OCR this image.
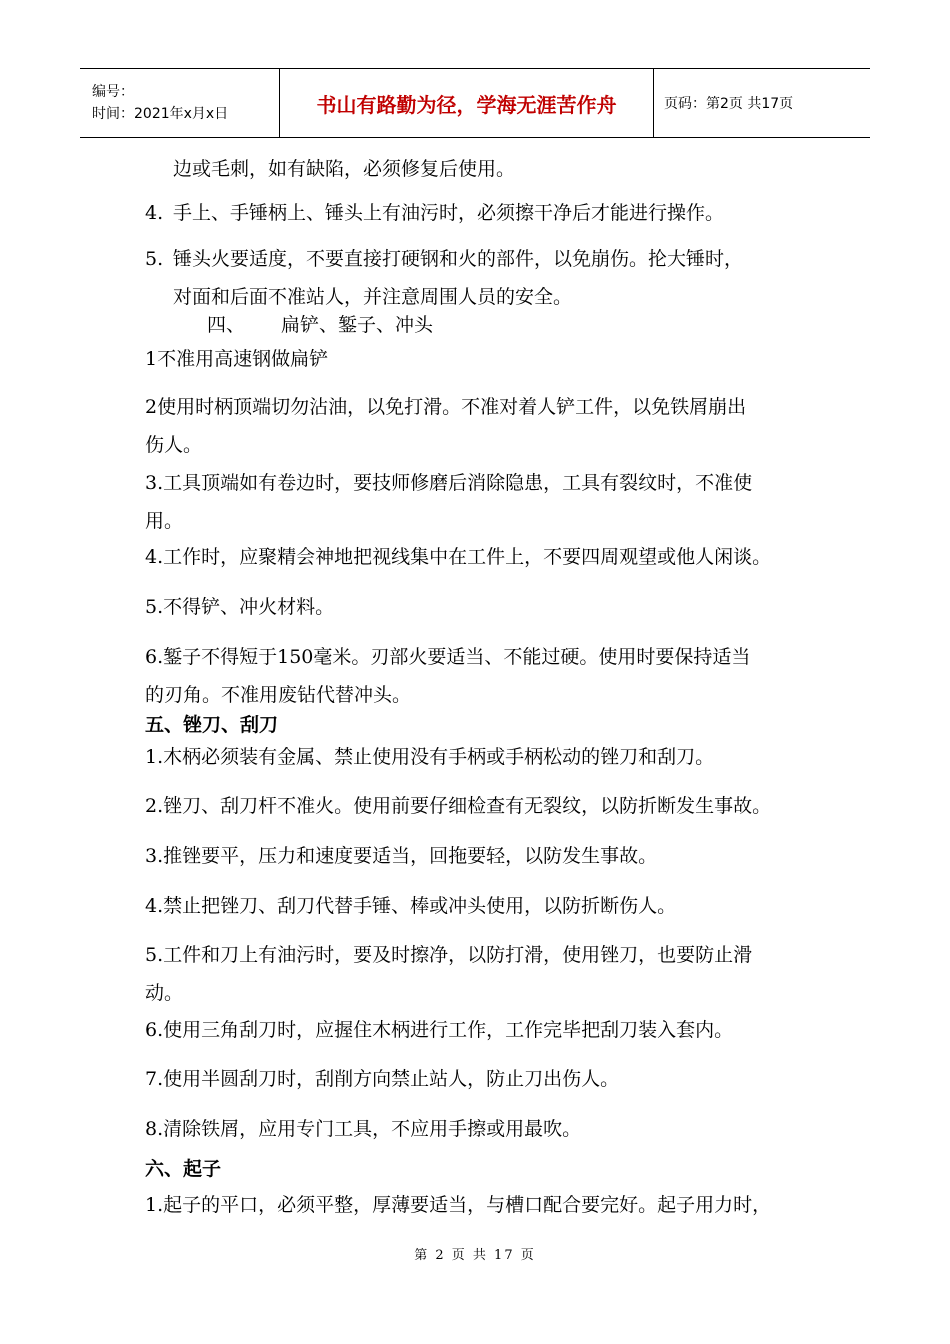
编号：
时间：2021年x月x日	书山有路勤为径，学海无涯苦作舟	页码：第2页 共17页
边或毛刺，如有缺陷，必须修复后使用。
4. 手上、手锤柄上、锤头上有油污时，必须擦干净后才能进行操作。
5. 锤头火要适度，不要直接打硬钢和火的部件，以免崩伤。抡大锤时，
对面和后面不准站人，并注意周围人员的安全。
四、 扁铲、錾子、冲头
1不准用高速钢做扁铲
2使用时柄顶端切勿沾油，以免打滑。不准对着人铲工件，以免铁屑崩出
伤人。
3.工具顶端如有卷边时，要技师修磨后消除隐患，工具有裂纹时，不准使
用。
4.工作时，应聚精会神地把视线集中在工件上，不要四周观望或他人闲谈。
5.不得铲、冲火材料。
6.錾子不得短于150毫米。刃部火要适当、不能过硬。使用时要保持适当
的刃角。不准用废钻代替冲头。
五、锉刀、刮刀
1.木柄必须装有金属、禁止使用没有手柄或手柄松动的锉刀和刮刀。
2.锉刀、刮刀杆不准火。使用前要仔细检查有无裂纹，以防折断发生事故。
3.推锉要平，压力和速度要适当，回拖要轻，以防发生事故。
4.禁止把锉刀、刮刀代替手锤、棒或冲头使用，以防折断伤人。
5.工件和刀上有油污时，要及时擦净，以防打滑，使用锉刀，也要防止滑
动。
6.使用三角刮刀时，应握住木柄进行工作，工作完毕把刮刀装入套内。
7.使用半圆刮刀时，刮削方向禁止站人，防止刀出伤人。
8.清除铁屑，应用专门工具，不应用手擦或用最吹。
六、起子
1.起子的平口，必须平整，厚薄要适当，与槽口配合要完好。起子用力时，
第 2 页 共 17 页
